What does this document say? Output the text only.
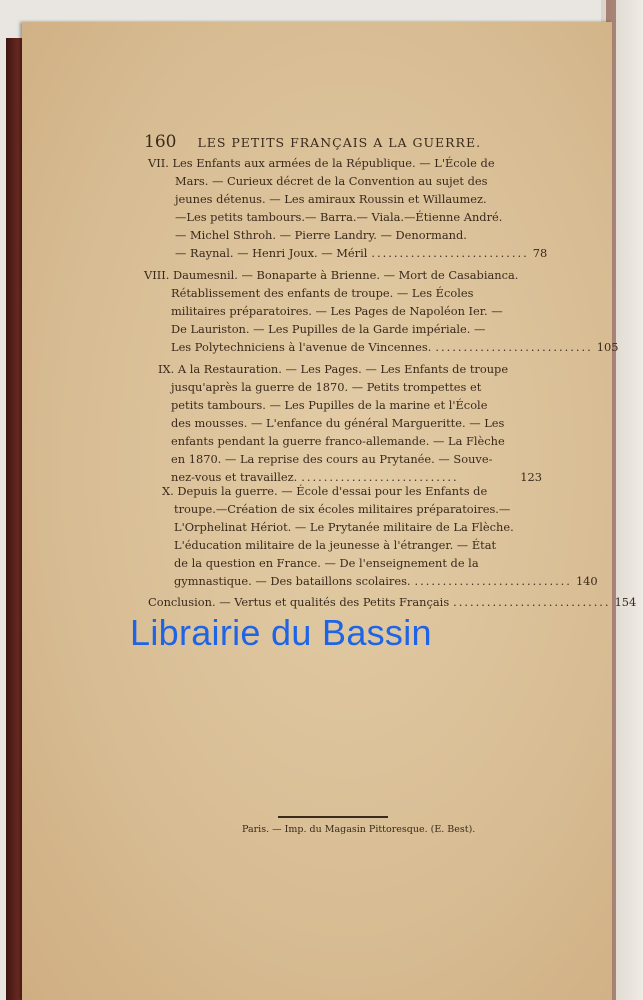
160 LES PETITS FRANÇAIS A LA GUERRE.
VII. Les Enfants aux armées de la République. — L'École de
Mars. — Curieux décret de la Convention au sujet des
jeunes détenus. — Les amiraux Roussin et Willaumez.
—Les petits tambours.— Barra.— Viala.—Étienne André.
— Michel Sthroh. — Pierre Landry. — Denormand.
— Raynal. — Henri Joux. — Méril ............................ 78
VIII. Daumesnil. — Bonaparte à Brienne. — Mort de Casabianca.
Rétablissement des enfants de troupe. — Les Écoles
militaires préparatoires. — Les Pages de Napoléon Ier. —
De Lauriston. — Les Pupilles de la Garde impériale. —
Les Polytechniciens à l'avenue de Vincennes. ............................ 105
IX. A la Restauration. — Les Pages. — Les Enfants de troupe
jusqu'après la guerre de 1870. — Petits trompettes et
petits tambours. — Les Pupilles de la marine et l'École
des mousses. — L'enfance du général Margueritte. — Les
enfants pendant la guerre franco-allemande. — La Flèche
en 1870. — La reprise des cours au Prytanée. — Souve-
nez-vous et travaillez. ............................	123
X. Depuis la guerre. — École d'essai pour les Enfants de
troupe.—Création de six écoles militaires préparatoires.—
L'Orphelinat Hériot. — Le Prytanée militaire de La Flèche.
L'éducation militaire de la jeunesse à l'étranger. — État
de la question en France. — De l'enseignement de la
gymnastique. — Des bataillons scolaires. ............................ 140
Conclusion. — Vertus et qualités des Petits Français ............................ 154
Paris. — Imp. du Magasin Pittoresque. (E. Best).
Librairie du Bassin
